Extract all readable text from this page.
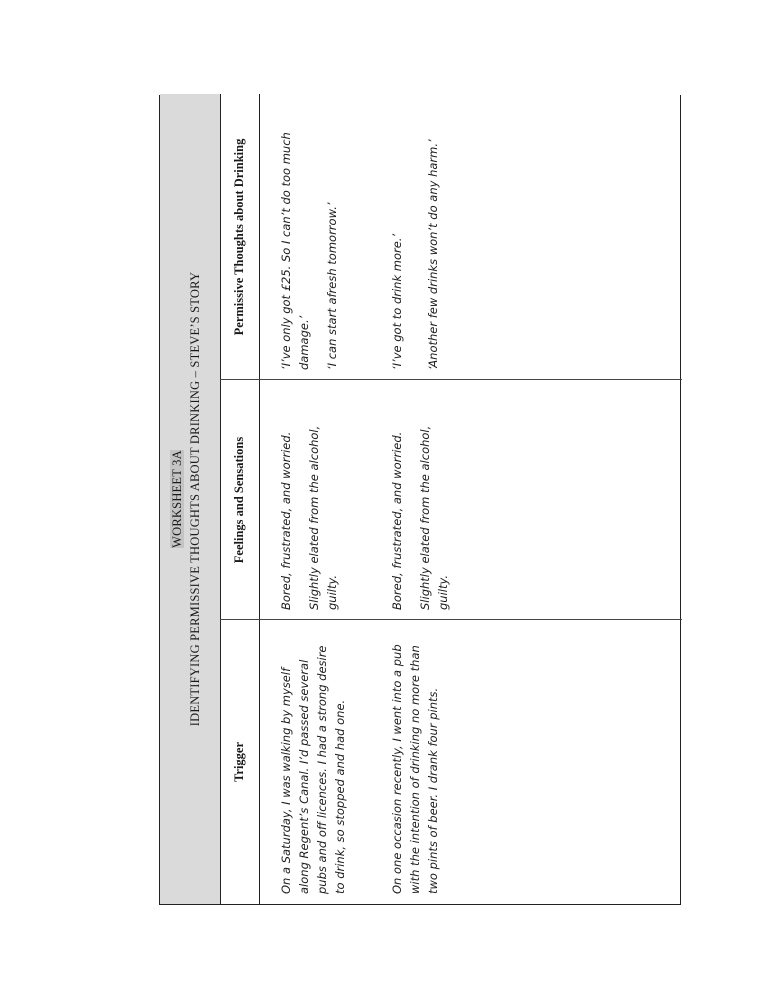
WORKSHEET 3A IDENTIFYING PERMISSIVE THOUGHTS ABOUT DRINKING – STEVE’S STORY
Trigger
Feelings and Sensations
Permissive Thoughts about Drinking
On a Saturday, I was walking by myself along Regent’s Canal. I’d passed several pubs and off licences. I had a strong desire to drink, so stopped and had one.

Bored, frustrated, and worried. Slightly elated from the alcohol, guilty.

‘I’ve only got £25. So I can’t do too much damage.’ ‘I can start afresh tomorrow.’

On one occasion recently, I went into a pub with the intention of drinking no more than two pints of beer. I drank four pints.

Bored, frustrated, and worried. Slightly elated from the alcohol, guilty.

‘I’ve got to drink more.’ ‘Another few drinks won’t do any harm.’
